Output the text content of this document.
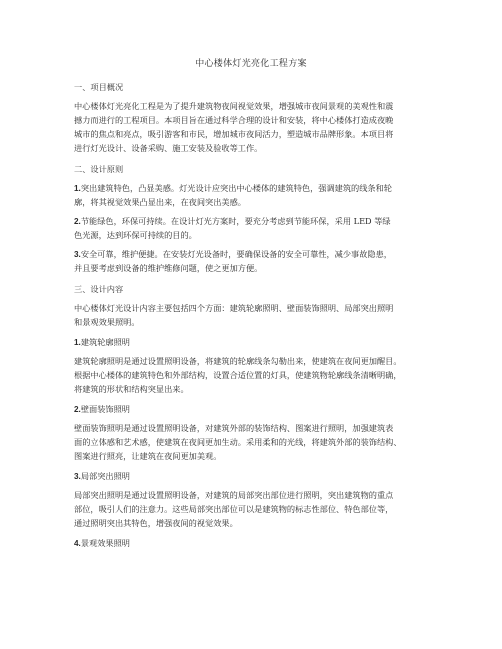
中心楼体灯光亮化工程方案
一、项目概况
中心楼体灯光亮化工程是为了提升建筑物夜间视觉效果，增强城市夜间景观的美观性和震
撼力而进行的工程项目。本项目旨在通过科学合理的设计和安装，将中心楼体打造成夜晚
城市的焦点和亮点，吸引游客和市民，增加城市夜间活力，塑造城市品牌形象。本项目将
进行灯光设计、设备采购、施工安装及验收等工作。
二、设计原则
1.突出建筑特色，凸显美感。灯光设计应突出中心楼体的建筑特色，强调建筑的线条和轮
廓，将其视觉效果凸显出来，在夜间突出美感。
2.节能绿色，环保可持续。在设计灯光方案时，要充分考虑到节能环保，采用 LED 等绿
色光源，达到环保可持续的目的。
3.安全可靠，维护便捷。在安装灯光设备时，要确保设备的安全可靠性，减少事故隐患，
并且要考虑到设备的维护维修问题，使之更加方便。
三、设计内容
中心楼体灯光设计内容主要包括四个方面：建筑轮廓照明、壁面装饰照明、局部突出照明
和景观效果照明。
1.建筑轮廓照明
建筑轮廓照明是通过设置照明设备，将建筑的轮廓线条勾勒出来，使建筑在夜间更加醒目。
根据中心楼体的建筑特色和外部结构，设置合适位置的灯具，使建筑物轮廓线条清晰明确，
将建筑的形状和结构突显出来。
2.壁面装饰照明
壁面装饰照明是通过设置照明设备，对建筑外部的装饰结构、图案进行照明，加强建筑表
面的立体感和艺术感，使建筑在夜间更加生动。采用柔和的光线，将建筑外部的装饰结构、
图案进行照亮，让建筑在夜间更加美观。
3.局部突出照明
局部突出照明是通过设置照明设备，对建筑的局部突出部位进行照明，突出建筑物的重点
部位，吸引人们的注意力。这些局部突出部位可以是建筑物的标志性部位、特色部位等，
通过照明突出其特色，增强夜间的视觉效果。
4.景观效果照明
